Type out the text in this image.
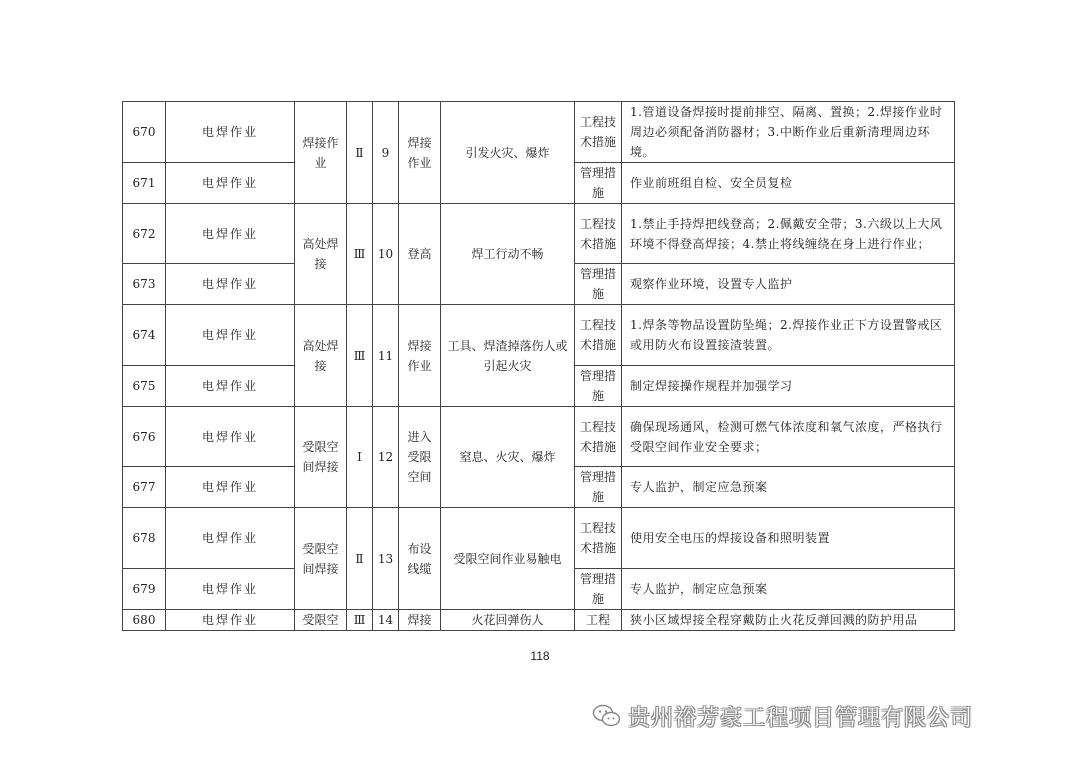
670	电焊作业	焊接作业	Ⅱ	9	焊接作业	引发火灾、爆炸	工程技术措施	1.管道设备焊接时提前排空、隔离、置换；2.焊接作业时周边必须配备消防器材；3.中断作业后重新清理周边环境。
671	电焊作业						管理措施	作业前班组自检、安全员复检
672	电焊作业	高处焊接	Ⅲ	10	登高	焊工行动不畅	工程技术措施	1.禁止手持焊把线登高；2.佩戴安全带；3.六级以上大风环境不得登高焊接；4.禁止将线缠绕在身上进行作业；
673	电焊作业						管理措施	观察作业环境，设置专人监护
674	电焊作业	高处焊接	Ⅲ	11	焊接作业	工具、焊渣掉落伤人或引起火灾	工程技术措施	1.焊条等物品设置防坠绳；2.焊接作业正下方设置警戒区或用防火布设置接渣装置。
675	电焊作业						管理措施	制定焊接操作规程并加强学习
676	电焊作业	受限空间焊接	Ⅰ	12	进入受限空间	窒息、火灾、爆炸	工程技术措施	确保现场通风，检测可燃气体浓度和氧气浓度，严格执行受限空间作业安全要求；
677	电焊作业						管理措施	专人监护，制定应急预案
678	电焊作业	受限空间焊接	Ⅱ	13	布设线缆	受限空间作业易触电	工程技术措施	使用安全电压的焊接设备和照明装置
679	电焊作业						管理措施	专人监护，制定应急预案
680	电焊作业	受限空	Ⅲ	14	焊接	火花回弹伤人	工程	狭小区域焊接全程穿戴防止火花反弹回溅的防护用品
118
贵州裕芳豪工程项目管理有限公司
